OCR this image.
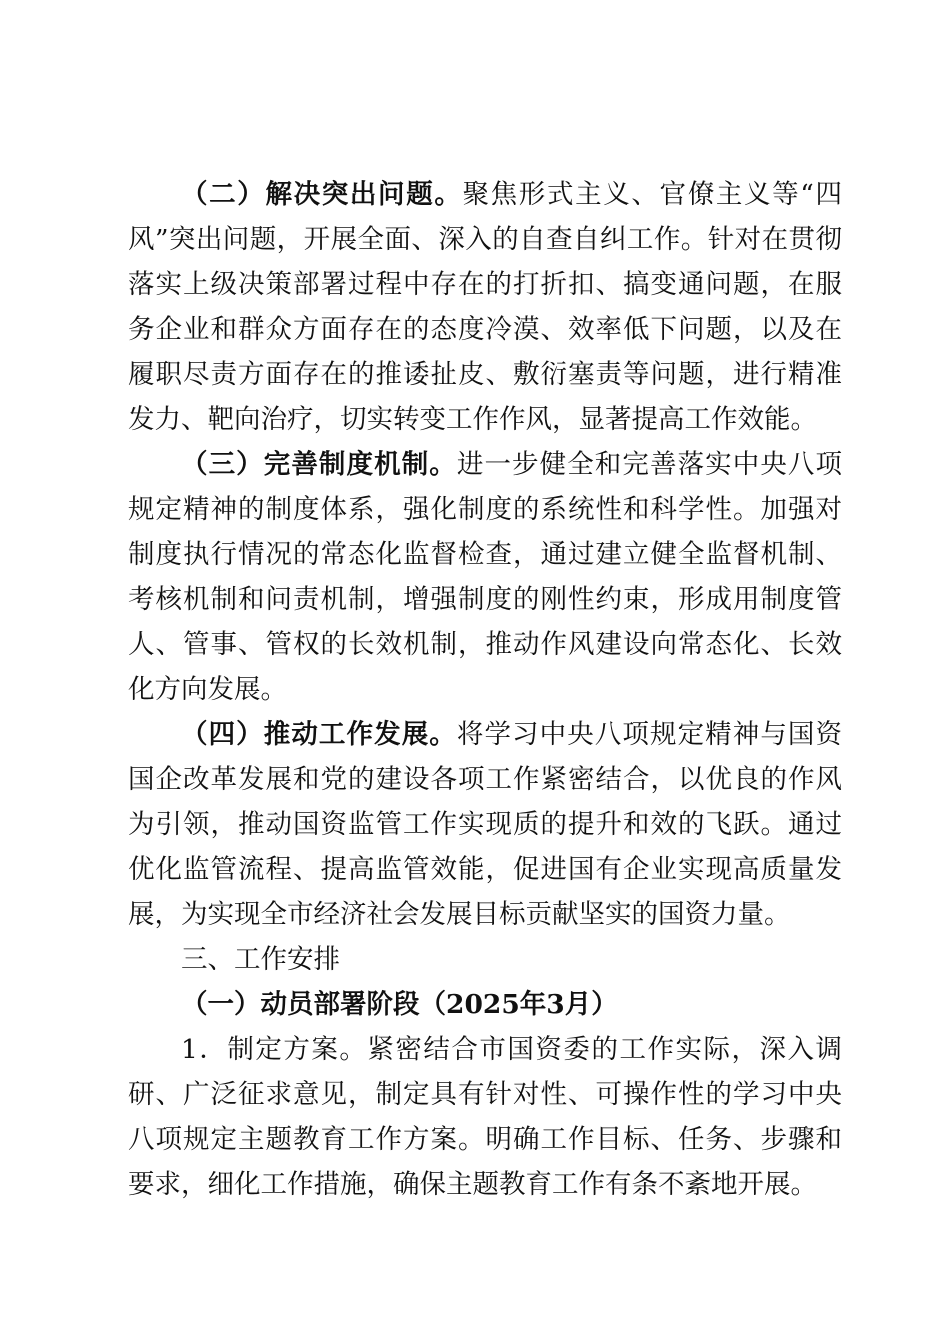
（二）解决突出问题。聚焦形式主义、官僚主义等“四风”突出问题，开展全面、深入的自查自纠工作。针对在贯彻落实上级决策部署过程中存在的打折扣、搞变通问题，在服务企业和群众方面存在的态度冷漠、效率低下问题，以及在履职尽责方面存在的推诿扯皮、敷衍塞责等问题，进行精准发力、靶向治疗，切实转变工作作风，显著提高工作效能。

（三）完善制度机制。进一步健全和完善落实中央八项规定精神的制度体系，强化制度的系统性和科学性。加强对制度执行情况的常态化监督检查，通过建立健全监督机制、考核机制和问责机制，增强制度的刚性约束，形成用制度管人、管事、管权的长效机制，推动作风建设向常态化、长效化方向发展。

（四）推动工作发展。将学习中央八项规定精神与国资国企改革发展和党的建设各项工作紧密结合，以优良的作风为引领，推动国资监管工作实现质的提升和效的飞跃。通过优化监管流程、提高监管效能，促进国有企业实现高质量发展，为实现全市经济社会发展目标贡献坚实的国资力量。

三、工作安排

（一）动员部署阶段（2025年3月）

1．制定方案。紧密结合市国资委的工作实际，深入调研、广泛征求意见，制定具有针对性、可操作性的学习中央八项规定主题教育工作方案。明确工作目标、任务、步骤和要求，细化工作措施，确保主题教育工作有条不紊地开展。
